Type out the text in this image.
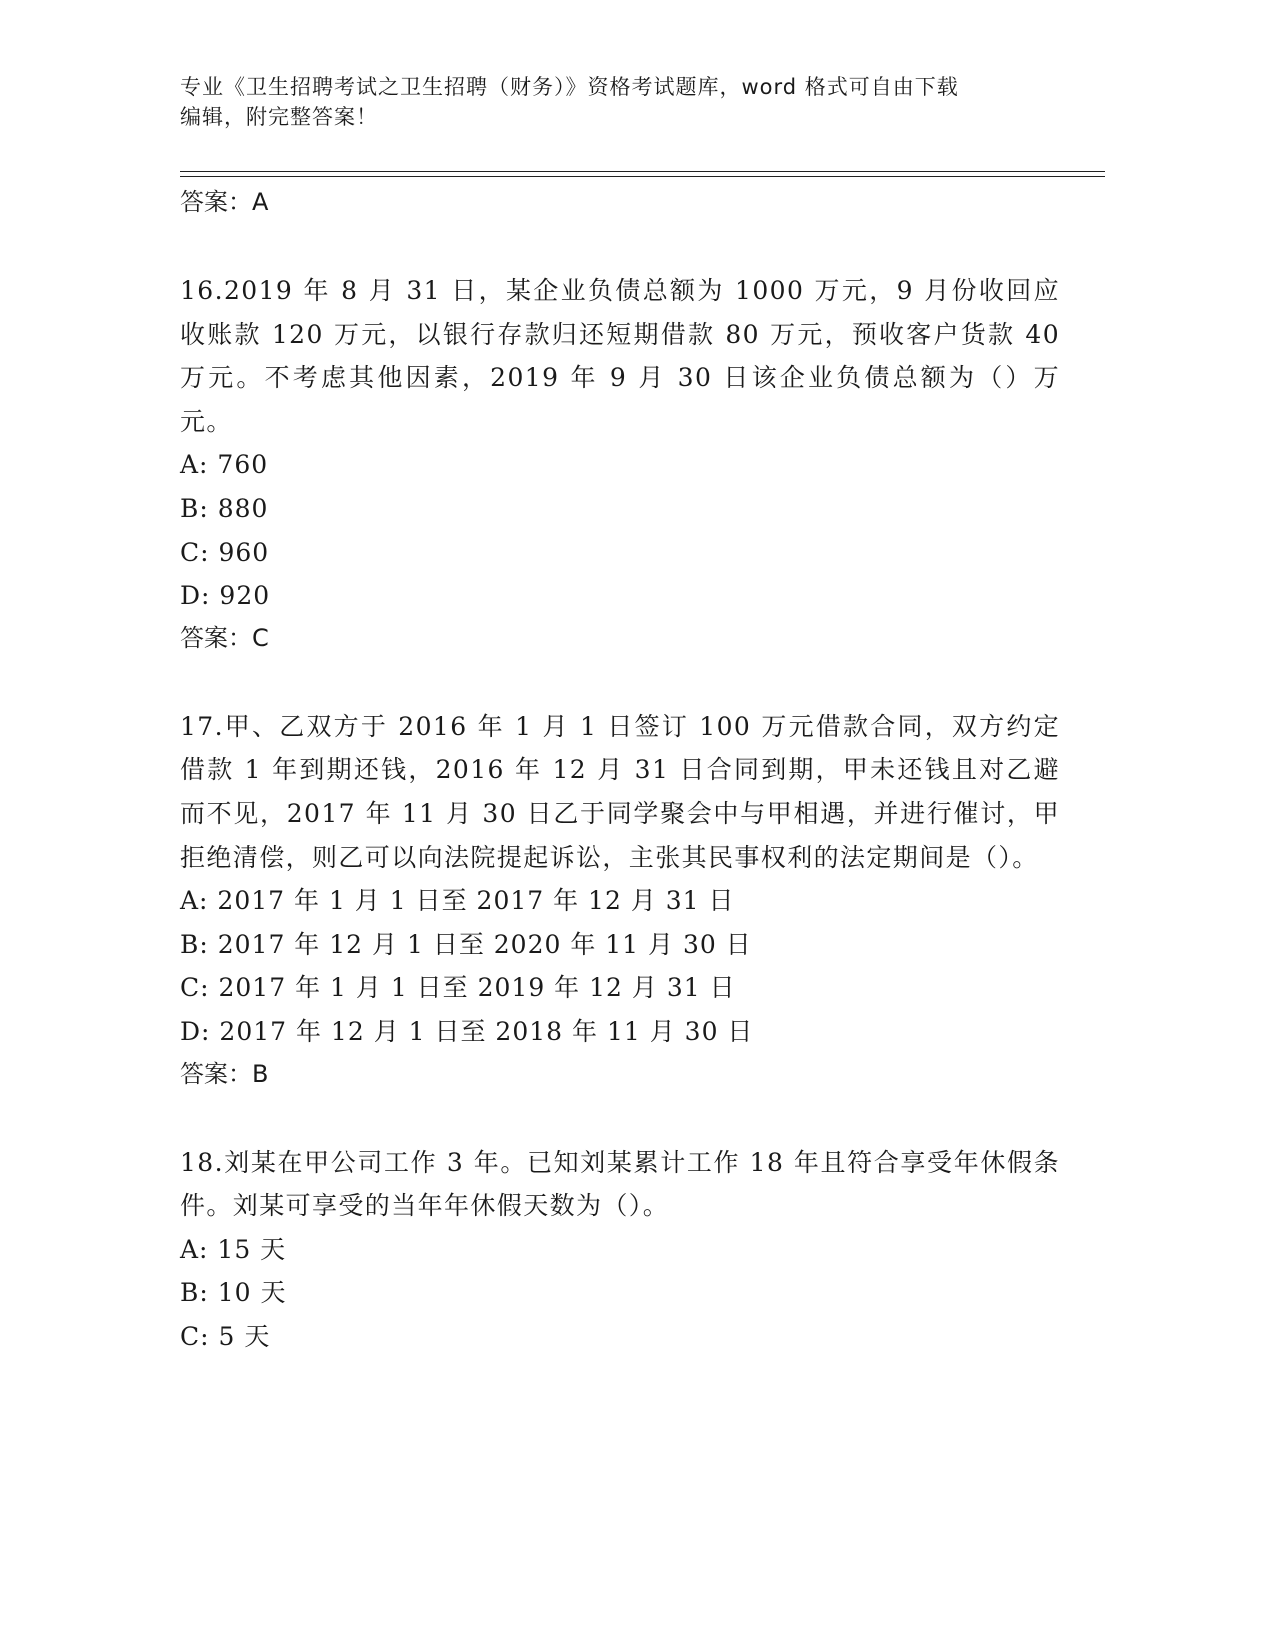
专业《卫生招聘考试之卫生招聘（财务）》资格考试题库，word 格式可自由下载
编辑，附完整答案！
答案：A
16.2019 年 8 月 31 日，某企业负债总额为 1000 万元，9 月份收回应收账款 120 万元，以银行存款归还短期借款 80 万元，预收客户货款 40 万元。不考虑其他因素，2019 年 9 月 30 日该企业负债总额为（）万元。
A: 760
B: 880
C: 960
D: 920
答案：C
17.甲、乙双方于 2016 年 1 月 1 日签订 100 万元借款合同，双方约定借款 1 年到期还钱，2016 年 12 月 31 日合同到期，甲未还钱且对乙避而不见，2017 年 11 月 30 日乙于同学聚会中与甲相遇，并进行催讨，甲拒绝清偿，则乙可以向法院提起诉讼，主张其民事权利的法定期间是（）。
A: 2017 年 1 月 1 日至 2017 年 12 月 31 日
B: 2017 年 12 月 1 日至 2020 年 11 月 30 日
C: 2017 年 1 月 1 日至 2019 年 12 月 31 日
D: 2017 年 12 月 1 日至 2018 年 11 月 30 日
答案：B
18.刘某在甲公司工作 3 年。已知刘某累计工作 18 年且符合享受年休假条件。刘某可享受的当年年休假天数为（）。
A: 15 天
B: 10 天
C: 5 天
